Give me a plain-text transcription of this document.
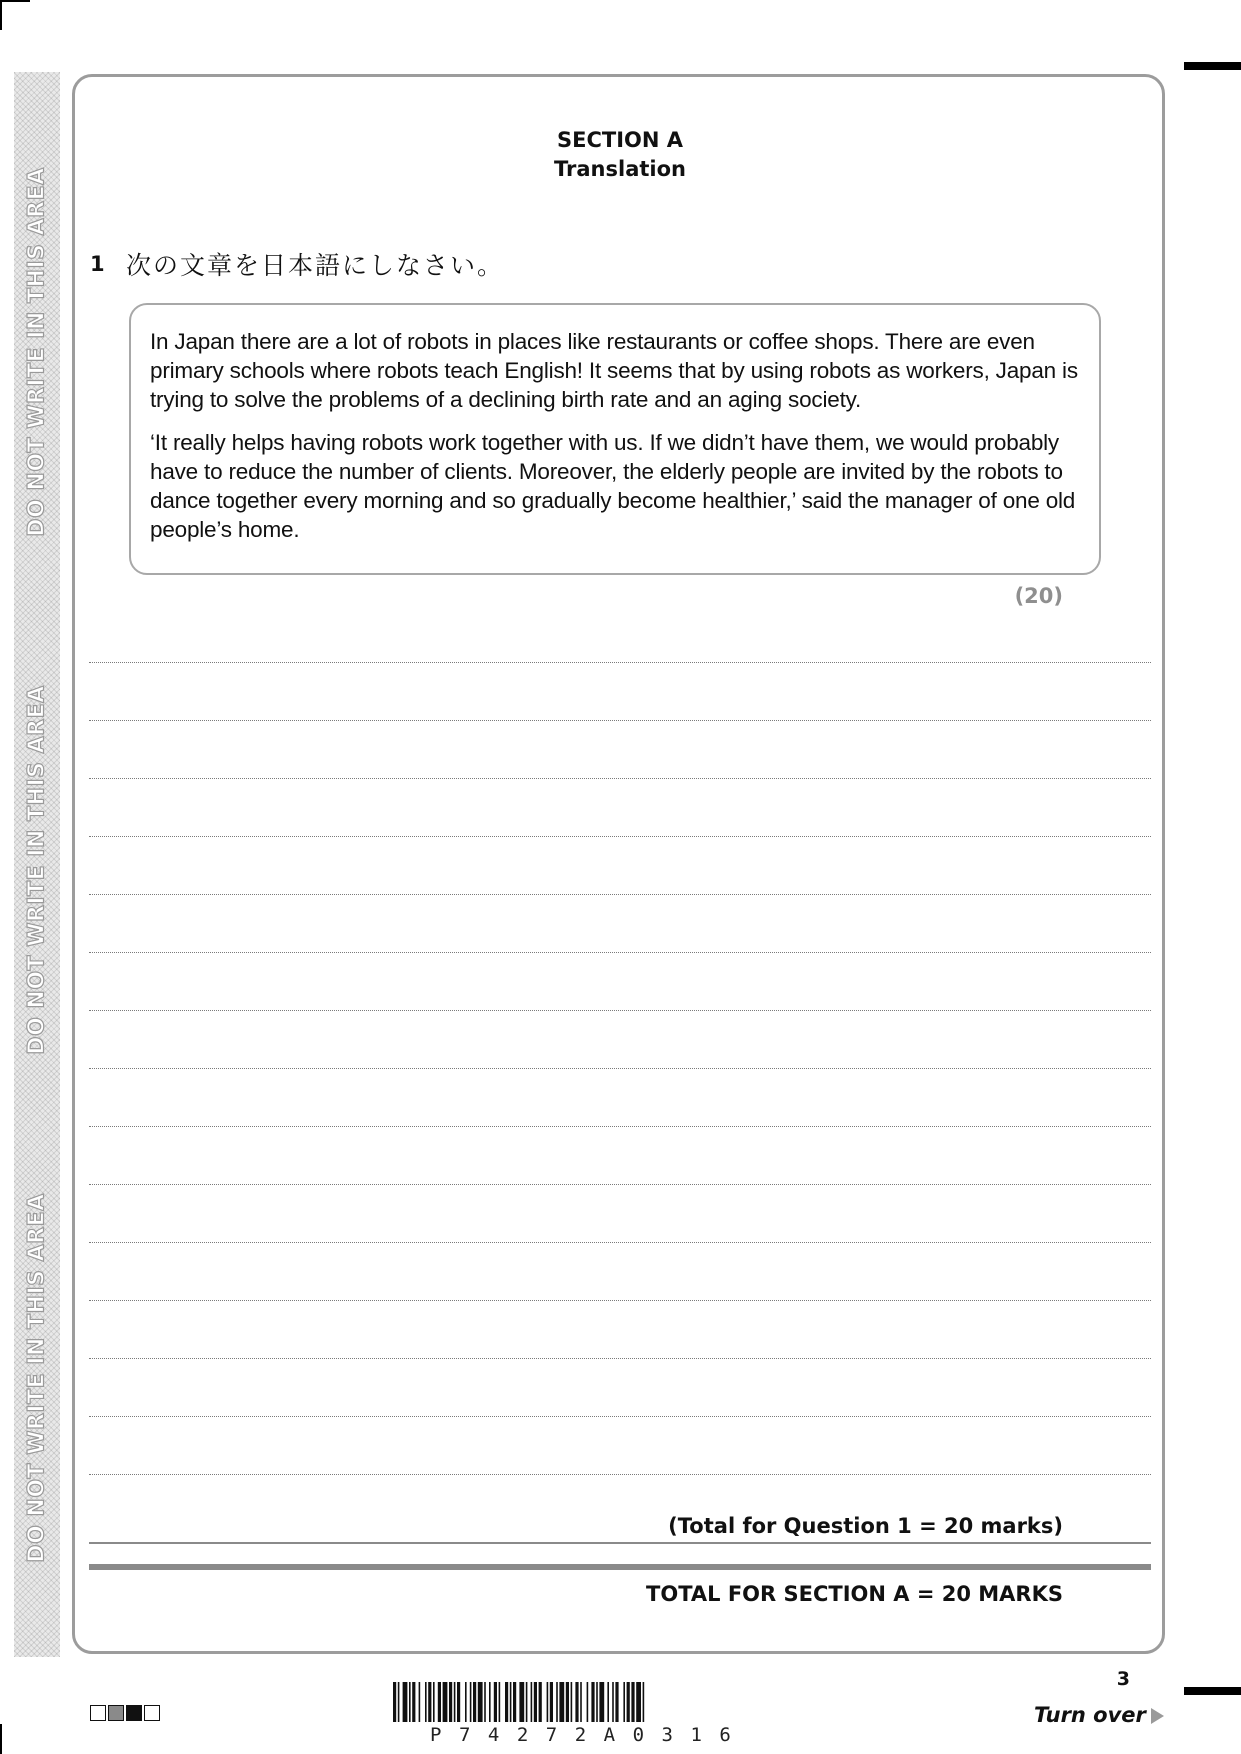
DO NOT WRITE IN THIS AREA
DO NOT WRITE IN THIS AREA
DO NOT WRITE IN THIS AREA
SECTION A
Translation
1 次の文章を日本語にしなさい。

In Japan there are a lot of robots in places like restaurants or coffee shops. There are even primary schools where robots teach English! It seems that by using robots as workers, Japan is trying to solve the problems of a declining birth rate and an aging society.

‘It really helps having robots work together with us. If we didn’t have them, we would probably have to reduce the number of clients. Moreover, the elderly people are invited by the robots to dance together every morning and so gradually become healthier,’ said the manager of one old people’s home.

(20)
(Total for Question 1 = 20 marks)
TOTAL FOR SECTION A = 20 MARKS
3
P74272A0316
Turn over
